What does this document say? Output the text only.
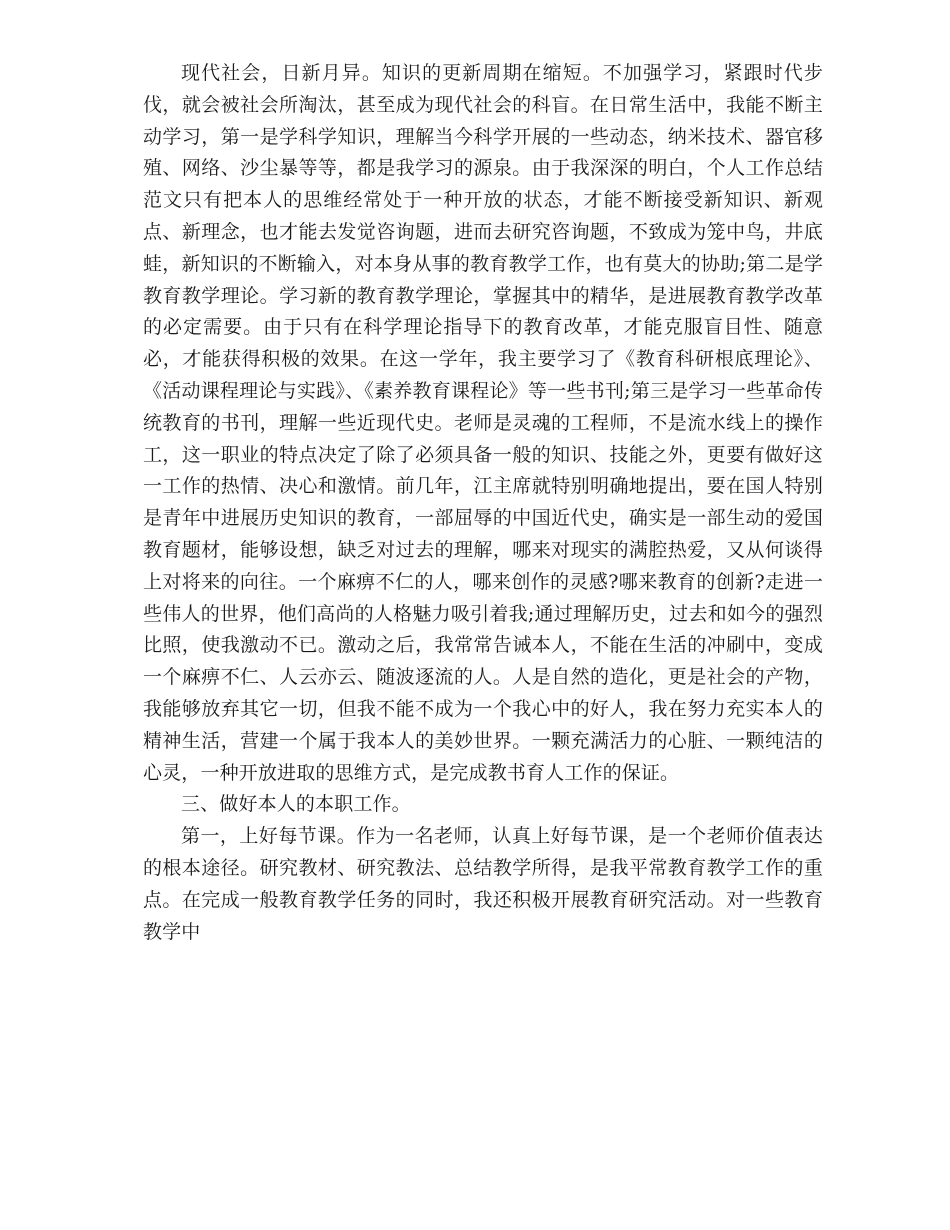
现代社会，日新月异。知识的更新周期在缩短。不加强学习，紧跟时代步伐，就会被社会所淘汰，甚至成为现代社会的科盲。在日常生活中，我能不断主动学习，第一是学科学知识，理解当今科学开展的一些动态，纳米技术、器官移殖、网络、沙尘暴等等，都是我学习的源泉。由于我深深的明白，个人工作总结范文只有把本人的思维经常处于一种开放的状态，才能不断接受新知识、新观点、新理念，也才能去发觉咨询题，进而去研究咨询题，不致成为笼中鸟，井底蛙，新知识的不断输入，对本身从事的教育教学工作，也有莫大的协助;第二是学教育教学理论。学习新的教育教学理论，掌握其中的精华，是进展教育教学改革的必定需要。由于只有在科学理论指导下的教育改革，才能克服盲目性、随意必，才能获得积极的效果。在这一学年，我主要学习了《教育科研根底理论》、《活动课程理论与实践》、《素养教育课程论》等一些书刊;第三是学习一些革命传统教育的书刊，理解一些近现代史。老师是灵魂的工程师，不是流水线上的操作工，这一职业的特点决定了除了必须具备一般的知识、技能之外，更要有做好这一工作的热情、决心和激情。前几年，江主席就特别明确地提出，要在国人特别是青年中进展历史知识的教育，一部屈辱的中国近代史，确实是一部生动的爱国教育题材，能够设想，缺乏对过去的理解，哪来对现实的满腔热爱，又从何谈得上对将来的向往。一个麻痹不仁的人，哪来创作的灵感?哪来教育的创新?走进一些伟人的世界，他们高尚的人格魅力吸引着我;通过理解历史，过去和如今的强烈比照，使我激动不已。激动之后，我常常告诫本人，不能在生活的冲刷中，变成一个麻痹不仁、人云亦云、随波逐流的人。人是自然的造化，更是社会的产物，我能够放弃其它一切，但我不能不成为一个我心中的好人，我在努力充实本人的精神生活，营建一个属于我本人的美妙世界。一颗充满活力的心脏、一颗纯洁的心灵，一种开放进取的思维方式，是完成教书育人工作的保证。

三、做好本人的本职工作。

第一，上好每节课。作为一名老师，认真上好每节课，是一个老师价值表达的根本途径。研究教材、研究教法、总结教学所得，是我平常教育教学工作的重点。在完成一般教育教学任务的同时，我还积极开展教育研究活动。对一些教育教学中
